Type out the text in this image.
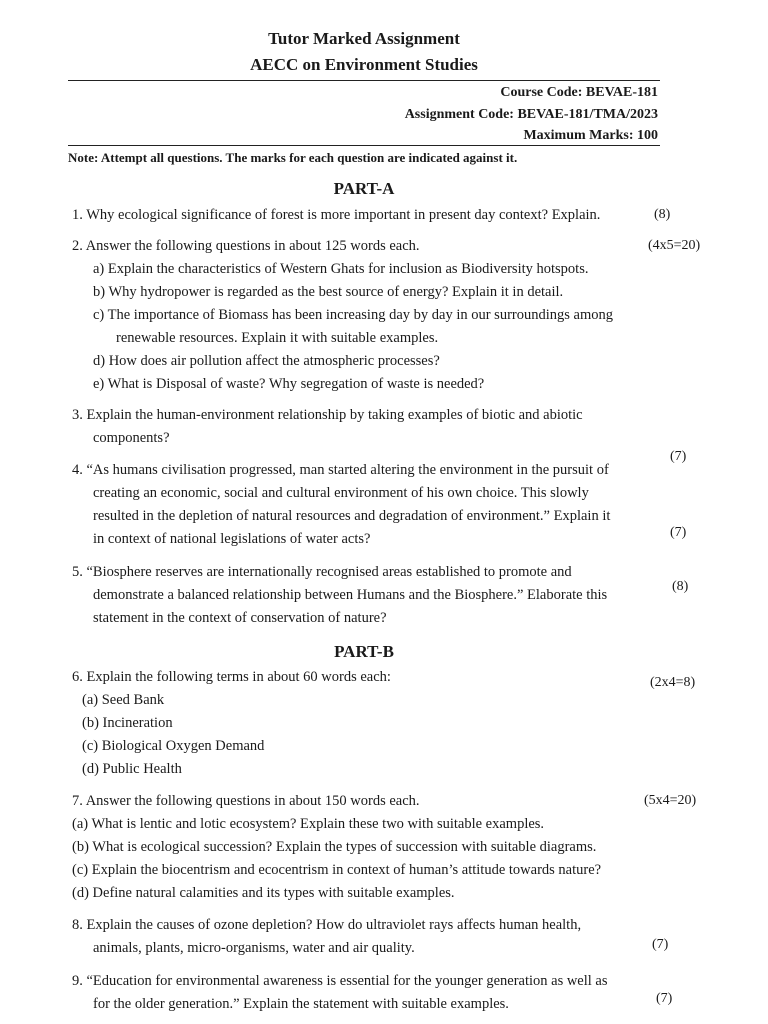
Tutor Marked Assignment
AECC on Environment Studies
Course Code: BEVAE-181
Assignment Code: BEVAE-181/TMA/2023
Maximum Marks: 100
Note: Attempt all questions. The marks for each question are indicated against it.
PART-A
1. Why ecological significance of forest is more important in present day context? Explain.	(8)
2. Answer the following questions in about 125 words each.	(4x5=20)
a) Explain the characteristics of Western Ghats for inclusion as Biodiversity hotspots.
b) Why hydropower is regarded as the best source of energy? Explain it in detail.
c) The importance of Biomass has been increasing day by day in our surroundings among
renewable resources. Explain it with suitable examples.
d) How does air pollution affect the atmospheric processes?
e) What is Disposal of waste? Why segregation of waste is needed?
3. Explain the human-environment relationship by taking examples of biotic and abiotic
components?
(7)
4. “As humans civilisation progressed, man started altering the environment in the pursuit of
creating an economic, social and cultural environment of his own choice. This slowly
resulted in the depletion of natural resources and degradation of environment.” Explain it
in context of national legislations of water acts?	(7)
5. “Biosphere reserves are internationally recognised areas established to promote and
demonstrate a balanced relationship between Humans and the Biosphere.” Elaborate this
statement in the context of conservation of nature?
(8)
PART-B
6. Explain the following terms in about 60 words each:	(2x4=8)
(a) Seed Bank
(b) Incineration
(c) Biological Oxygen Demand
(d) Public Health
7. Answer the following questions in about 150 words each.	(5x4=20)
(a) What is lentic and lotic ecosystem? Explain these two with suitable examples.
(b) What is ecological succession? Explain the types of succession with suitable diagrams.
(c) Explain the biocentrism and ecocentrism in context of human’s attitude towards nature?
(d) Define natural calamities and its types with suitable examples.
8. Explain the causes of ozone depletion? How do ultraviolet rays affects human health,
animals, plants, micro-organisms, water and air quality.	(7)
9. “Education for environmental awareness is essential for the younger generation as well as
for the older generation.” Explain the statement with suitable examples.	(7)
